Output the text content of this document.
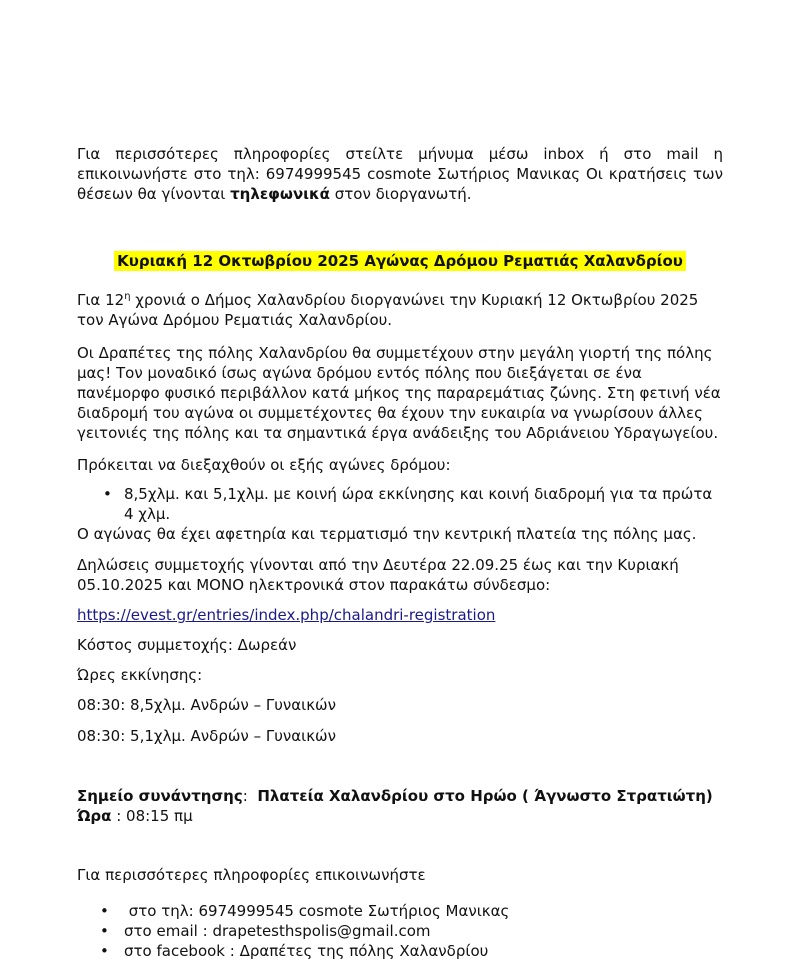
Για περισσότερες πληροφορίες στείλτε μήνυμα μέσω inbox ή στο mail η επικοινωνήστε στο τηλ: 6974999545 cosmote Σωτήριος Μανικας Οι κρατήσεις των θέσεων θα γίνονται τηλεφωνικά στον διοργανωτή.

Κυριακή 12 Οκτωβρίου 2025 Αγώνας Δρόμου Ρεματιάς Χαλανδρίου

Για $12^\eta$ χρονιά ο Δήμος Χαλανδρίου διοργανώνει την Κυριακή 12 Οκτωβρίου 2025 τον Αγώνα Δρόμου Ρεματιάς Χαλανδρίου.

Οι Δραπέτες της πόλης Χαλανδρίου θα συμμετέχουν στην μεγάλη γιορτή της πόλης μας! Τον μοναδικό ίσως αγώνα δρόμου εντός πόλης που διεξάγεται σε ένα πανέμορφο φυσικό περιβάλλον κατά μήκος της παραρεμάτιας ζώνης. Στη φετινή νέα διαδρομή του αγώνα οι συμμετέχοντες θα έχουν την ευκαιρία να γνωρίσουν άλλες γειτονιές της πόλης και τα σημαντικά έργα ανάδειξης του Αδριάνειου Υδραγωγείου.

Πρόκειται να διεξαχθούν οι εξής αγώνες δρόμου:

• 8,5χλμ. και 5,1χλμ. με κοινή ώρα εκκίνησης και κοινή διαδρομή για τα πρώτα 4 χλμ.

Ο αγώνας θα έχει αφετηρία και τερματισμό την κεντρική πλατεία της πόλης μας.

Δηλώσεις συμμετοχής γίνονται από την Δευτέρα 22.09.25 έως και την Κυριακή 05.10.2025 και ΜΟΝΟ ηλεκτρονικά στον παρακάτω σύνδεσμο:

https://evest.gr/entries/index.php/chalandri-registration

Κόστος συμμετοχής: Δωρεάν

Ώρες εκκίνησης:

08:30: 8,5χλμ. Ανδρών – Γυναικών

08:30: 5,1χλμ. Ανδρών – Γυναικών

Σημείο συνάντησης:  Πλατεία Χαλανδρίου στο Ηρώο ( Άγνωστο Στρατιώτη)

Ώρα : 08:15 πμ

Για περισσότερες πληροφορίες επικοινωνήστε

• στο τηλ: 6974999545 cosmote Σωτήριος Μανικας
• στο email : drapetesthspolis@gmail.com
• στο facebook : Δραπέτες της πόλης Χαλανδρίου
